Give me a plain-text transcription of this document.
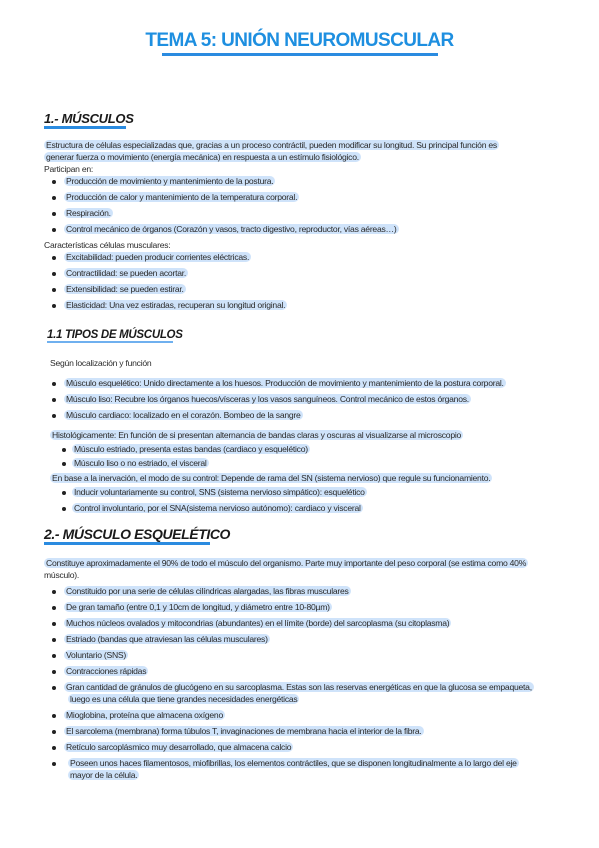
TEMA 5: UNIÓN NEUROMUSCULAR
1.- MÚSCULOS
Estructura de células especializadas que, gracias a un proceso contráctil, pueden modificar su longitud. Su principal función es
generar fuerza o movimiento (energía mecánica) en respuesta a un estímulo fisiológico.
Participan en:
Producción de movimiento y mantenimiento de la postura.
Producción de calor y mantenimiento de la temperatura corporal.
Respiración.
Control mecánico de órganos (Corazón y vasos, tracto digestivo, reproductor, vías aéreas…)
Características células musculares:
Excitabilidad: pueden producir corrientes eléctricas.
Contractilidad: se pueden acortar.
Extensibilidad: se pueden estirar.
Elasticidad: Una vez estiradas, recuperan su longitud original.
1.1 TIPOS DE MÚSCULOS
Según localización y función
Músculo esquelético: Unido directamente a los huesos. Producción de movimiento y mantenimiento de la postura corporal.
Músculo liso: Recubre los órganos huecos/vísceras y los vasos sanguíneos. Control mecánico de estos órganos.
Músculo cardiaco: localizado en el corazón. Bombeo de la sangre
Histológicamente: En función de si presentan alternancia de bandas claras y oscuras al visualizarse al microscopio
Músculo estriado, presenta estas bandas (cardiaco y esquelético)
Músculo liso o no estriado, el visceral
En base a la inervación, el modo de su control: Depende de rama del SN (sistema nervioso) que regule su funcionamiento.
Inducir voluntariamente su control, SNS (sistema nervioso simpático): esquelético
Control involuntario, por el SNA(sistema nervioso autónomo): cardiaco y visceral
2.- MÚSCULO ESQUELÉTICO
Constituye aproximadamente el 90% de todo el músculo del organismo. Parte muy importante del peso corporal (se estima como 40%
músculo).
Constituido por una serie de células cilíndricas alargadas, las fibras musculares
De gran tamaño (entre 0,1 y 10cm de longitud, y diámetro entre 10-80µm)
Muchos núcleos ovalados y mitocondrias (abundantes) en el límite (borde) del sarcoplasma (su citoplasma)
Estriado (bandas que atraviesan las células musculares)
Voluntario (SNS)
Contracciones rápidas
Gran cantidad de gránulos de glucógeno en su sarcoplasma. Estas son las reservas energéticas en que la glucosa se empaqueta,
luego es una célula que tiene grandes necesidades energéticas
Mioglobina, proteína que almacena oxígeno
El sarcolema (membrana) forma túbulos T, invaginaciones de membrana hacia el interior de la fibra.
Retículo sarcoplásmico muy desarrollado, que almacena calcio
Poseen unos haces filamentosos, miofibrillas, los elementos contráctiles, que se disponen longitudinalmente a lo largo del eje
mayor de la célula.
